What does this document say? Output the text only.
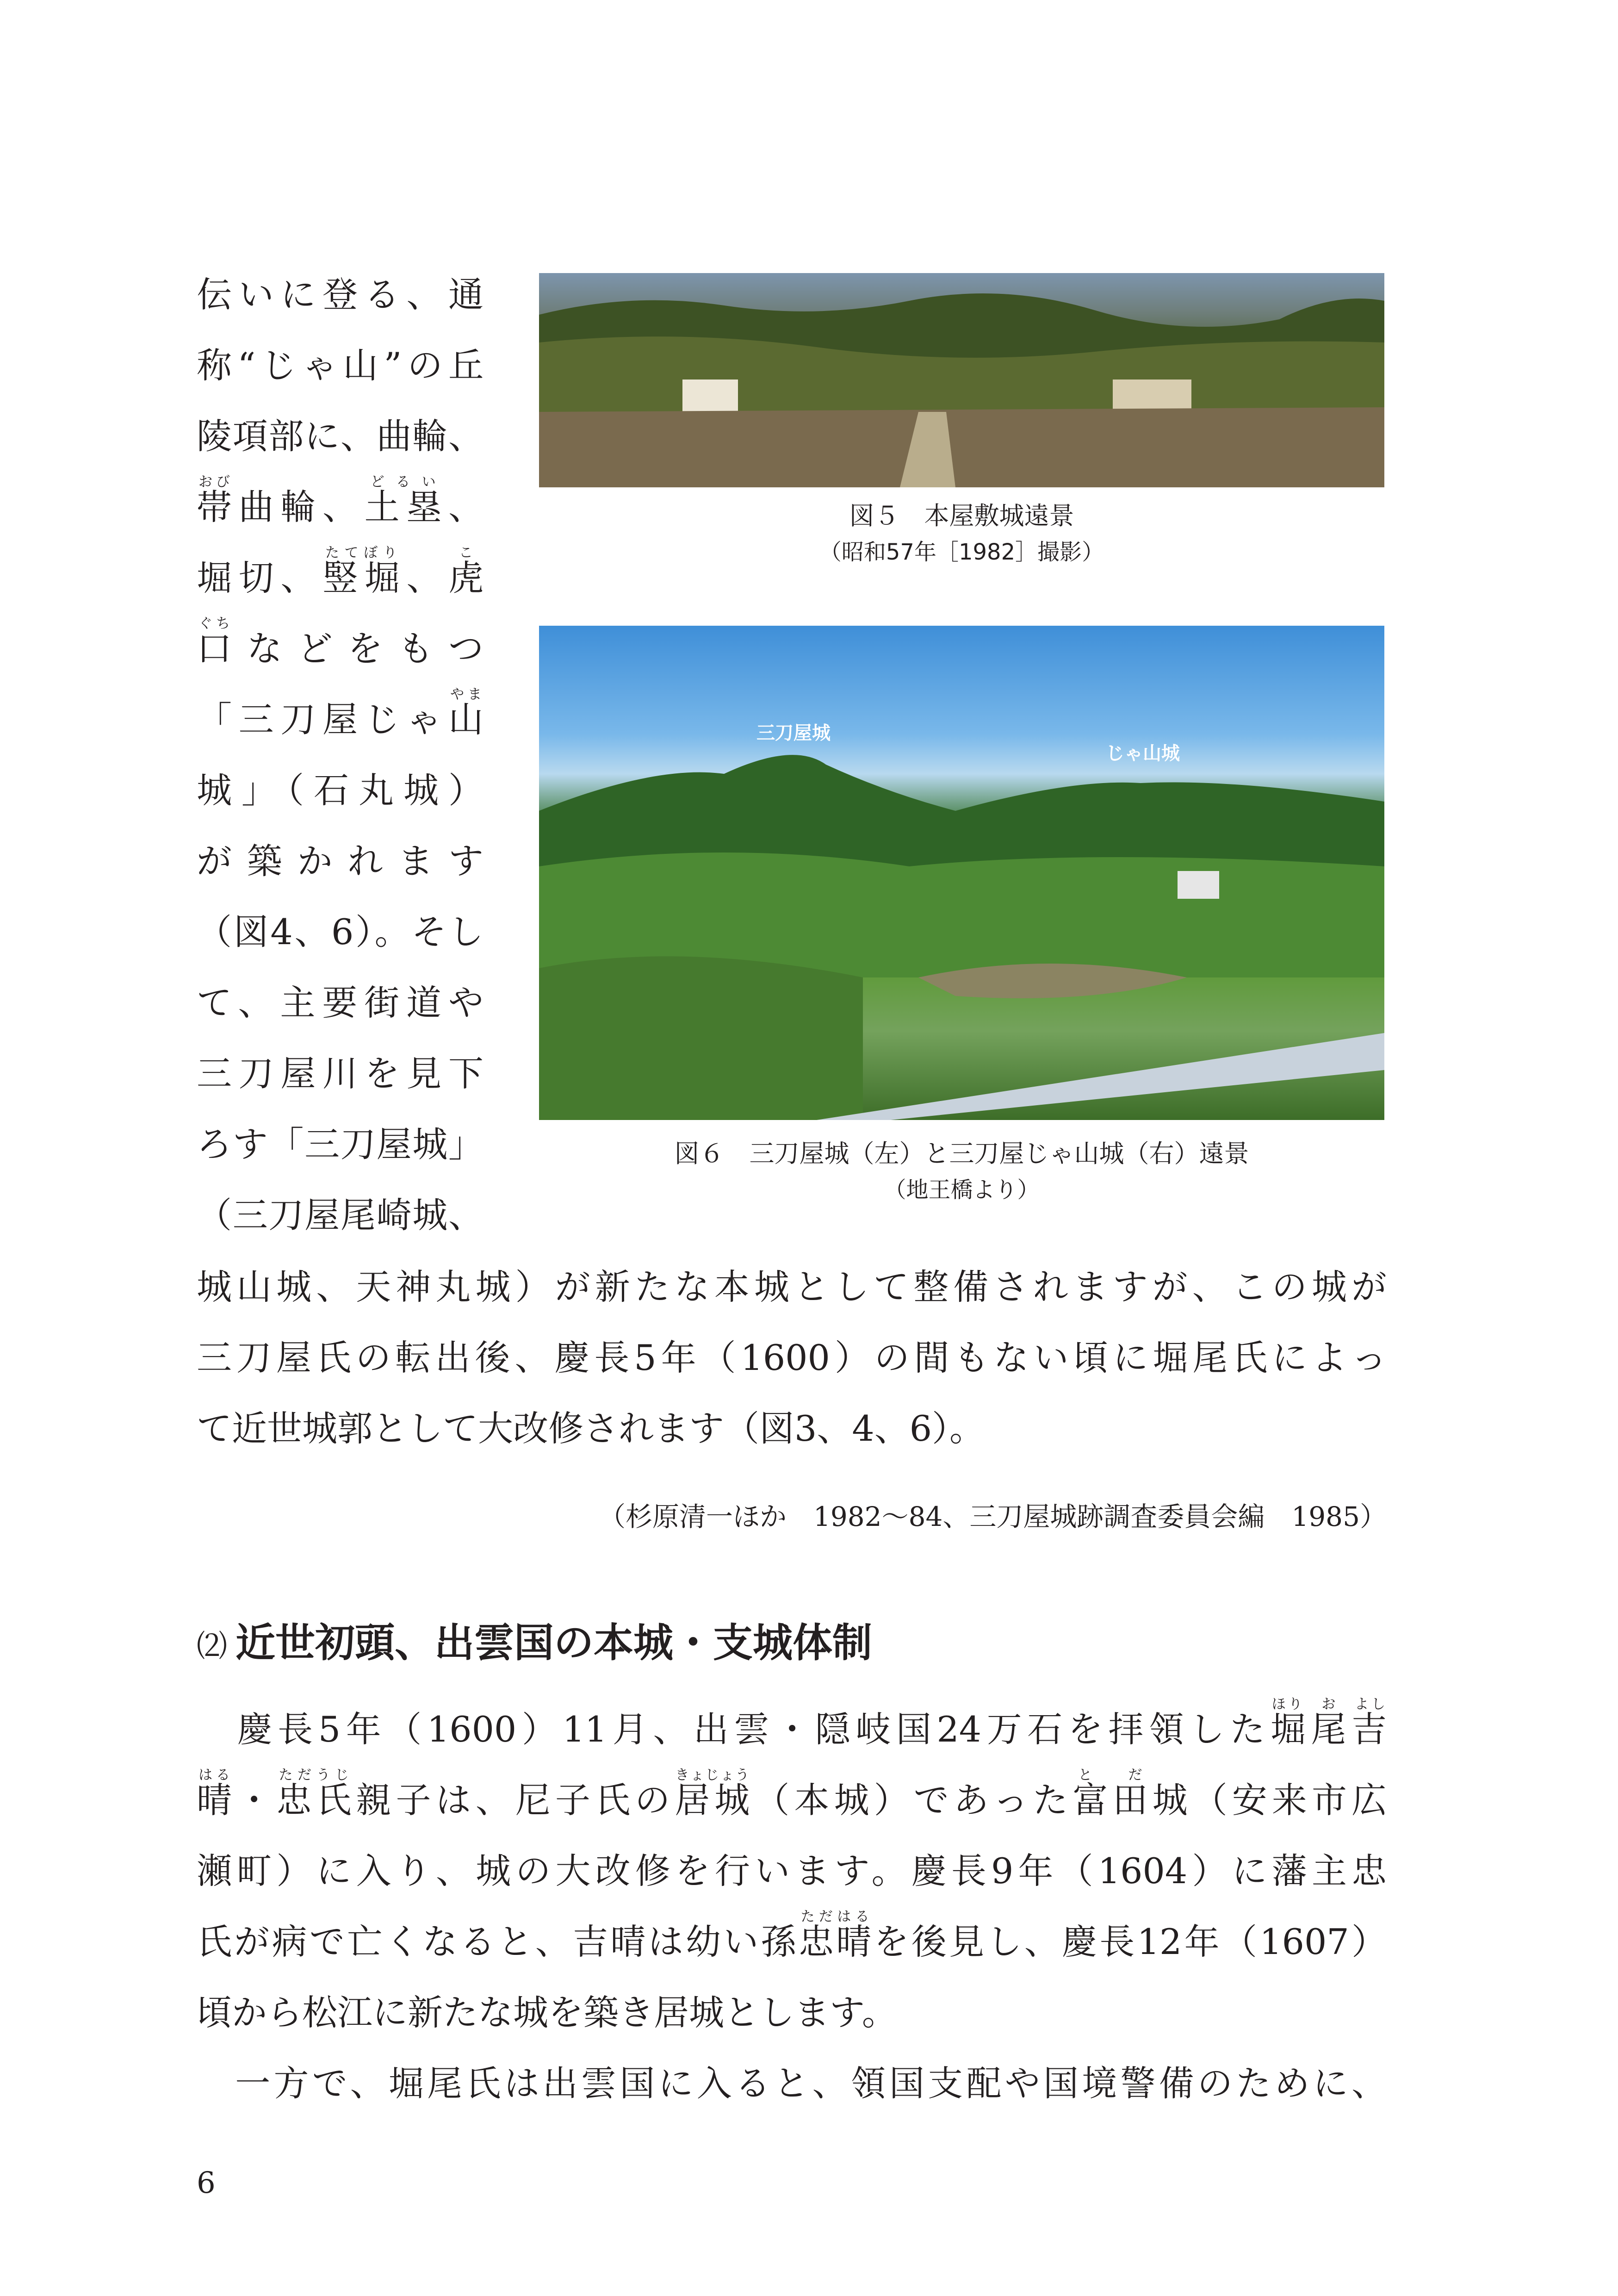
伝いに登る、通
称“じゃ山”の丘
陵項部に、曲輪、
帯おび曲輪、土塁どるい、
堀切、竪堀たてぼり、虎こ
口ぐちなどをもつ
「三刀屋じゃ山やま
城」（石丸城）
が築かれます
（図4、6）。そし
て、主要街道や
三刀屋川を見下
ろす「三刀屋城」
（三刀屋尾崎城、
図５　本屋敷城遠景
（昭和57年［1982］撮影）
三刀屋城
じゃ山城
図６　三刀屋城（左）と三刀屋じゃ山城（右）遠景
（地王橋より）
城山城、天神丸城）が新たな本城として整備されますが、この城が
三刀屋氏の転出後、慶長5年（1600）の間もない頃に堀尾氏によっ
て近世城郭として大改修されます（図3、4、6）。
（杉原清一ほか　1982〜84、三刀屋城跡調査委員会編　1985）
⑵ 近世初頭、出雲国の本城・支城体制
　慶長5年（1600）11月、出雲・隠岐国24万石を拝領した堀尾吉ほり　お　よし
晴はる・忠氏ただうじ親子は、尼子氏の居城きょじょう（本城）であった富田と　だ城（安来市広
瀬町）に入り、城の大改修を行います。慶長9年（1604）に藩主忠
氏が病で亡くなると、吉晴は幼い孫忠晴ただはるを後見し、慶長12年（1607）
頃から松江に新たな城を築き居城とします。
　一方で、堀尾氏は出雲国に入ると、領国支配や国境警備のために、
6
